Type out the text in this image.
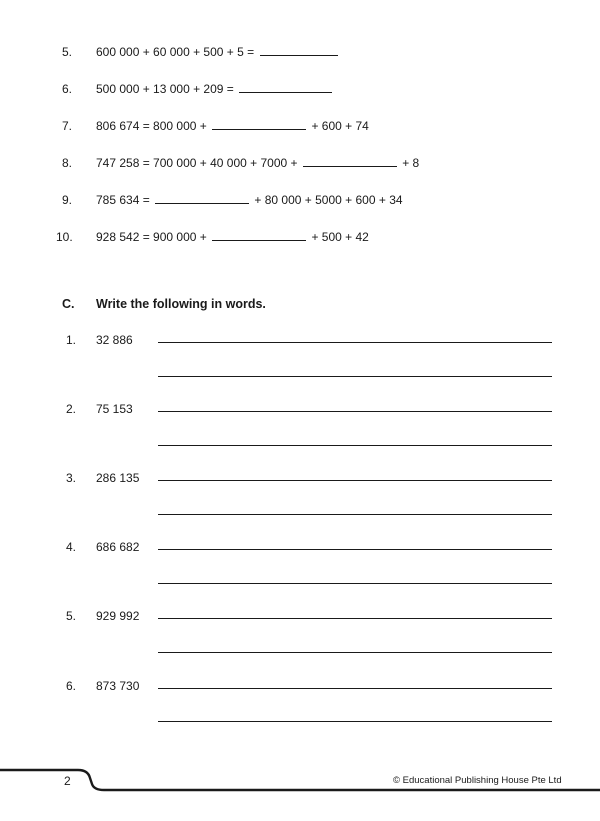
5. 600 000 + 60 000 + 500 + 5 =
6. 500 000 + 13 000 + 209 =
7. 806 674 = 800 000 +	+ 600 + 74
8. 747 258 = 700 000 + 40 000 + 7000 +	+ 8
9. 785 634 =	+ 80 000 + 5000 + 600 + 34
10. 928 542 = 900 000 +	+ 500 + 42
C. Write the following in words.
1. 32 886
2. 75 153
3. 286 135
4. 686 682
5. 929 992
6. 873 730
2	© Educational Publishing House Pte Ltd
